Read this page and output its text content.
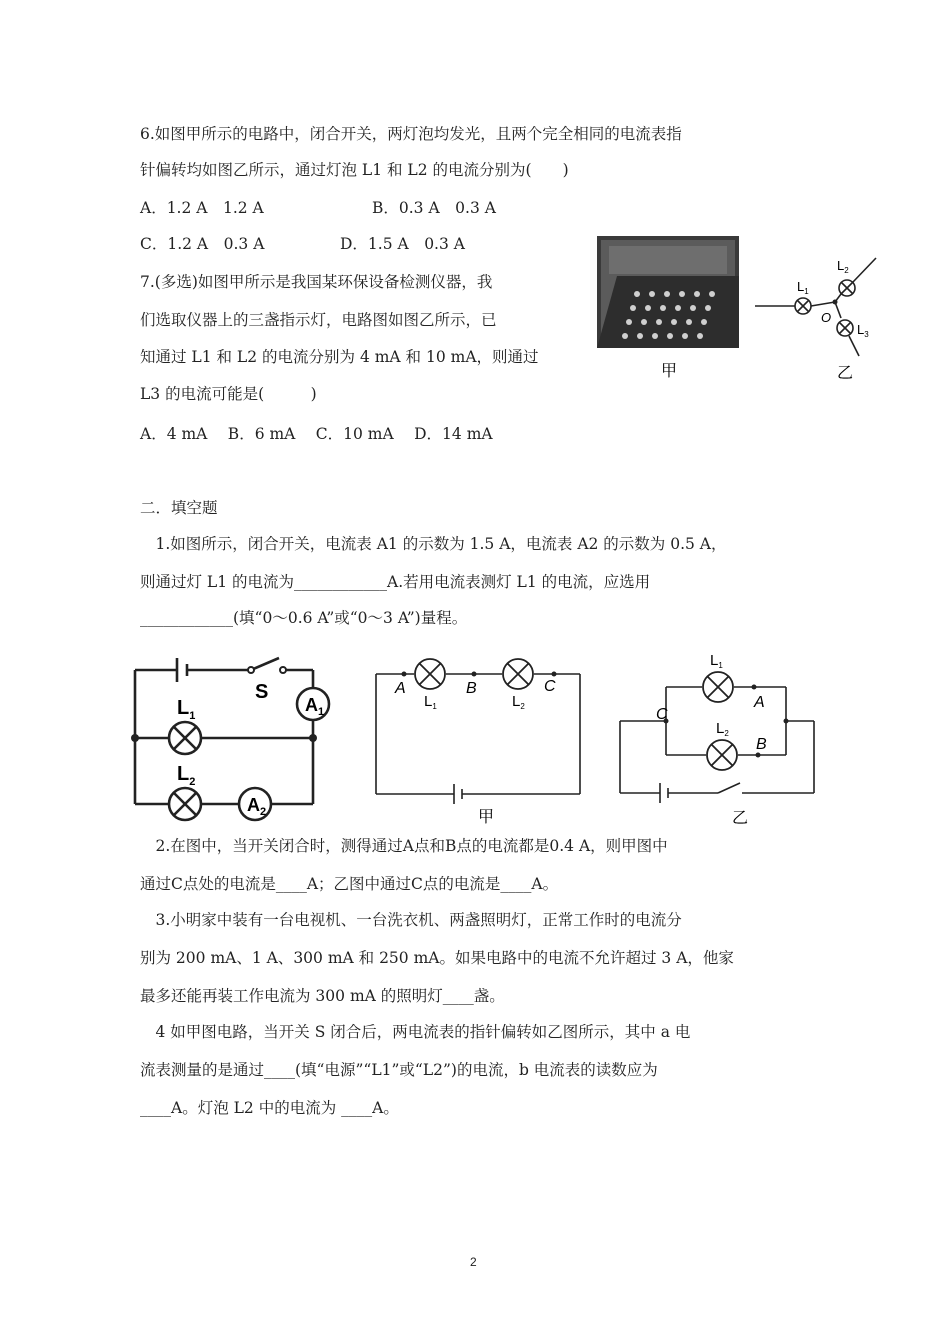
6.如图甲所示的电路中，闭合开关，两灯泡均发光，且两个完全相同的电流表指
针偏转均如图乙所示，通过灯泡 L1 和 L2 的电流分别为(　　)
A．1.2 A　1.2 A	B．0.3 A　0.3 A
C．1.2 A　0.3 A	D．1.5 A　0.3 A
7.(多选)如图甲所示是我国某环保设备检测仪器，我
们选取仪器上的三盏指示灯，电路图如图乙所示，已
知通过 L1 和 L2 的电流分别为 4 mA 和 10 mA，则通过
L3 的电流可能是(　　　)
A．4 mA　 B．6 mA　 C．10 mA　 D．14 mA
甲
$L_1$
$L_2$
$L_3$
O
乙
二．填空题
　1.如图所示，闭合开关，电流表 A1 的示数为 1.5 A，电流表 A2 的示数为 0.5 A，
则通过灯 L1 的电流为____________A.若用电流表测灯 L1 的电流，应选用
____________(填“0～0.6 A”或“0～3 A”)量程。
$A_1$
$A_2$
S
$L_1$
$L_2$
A	B	C
$L_1$	$L_2$
甲
C
A
B
$L_1$
$L_2$
乙
　2.在图中，当开关闭合时，测得通过A点和B点的电流都是0.4 A，则甲图中
通过C点处的电流是____A；乙图中通过C点的电流是____A。
　3.小明家中装有一台电视机、一台洗衣机、两盏照明灯，正常工作时的电流分
别为 200 mA、1 A、300 mA 和 250 mA。如果电路中的电流不允许超过 3 A，他家
最多还能再装工作电流为 300 mA 的照明灯____盏。
　4 如甲图电路，当开关 S 闭合后，两电流表的指针偏转如乙图所示，其中 a 电
流表测量的是通过____(填“电源”“L1”或“L2”)的电流，b 电流表的读数应为
____A。灯泡 L2 中的电流为 ____A。
2
